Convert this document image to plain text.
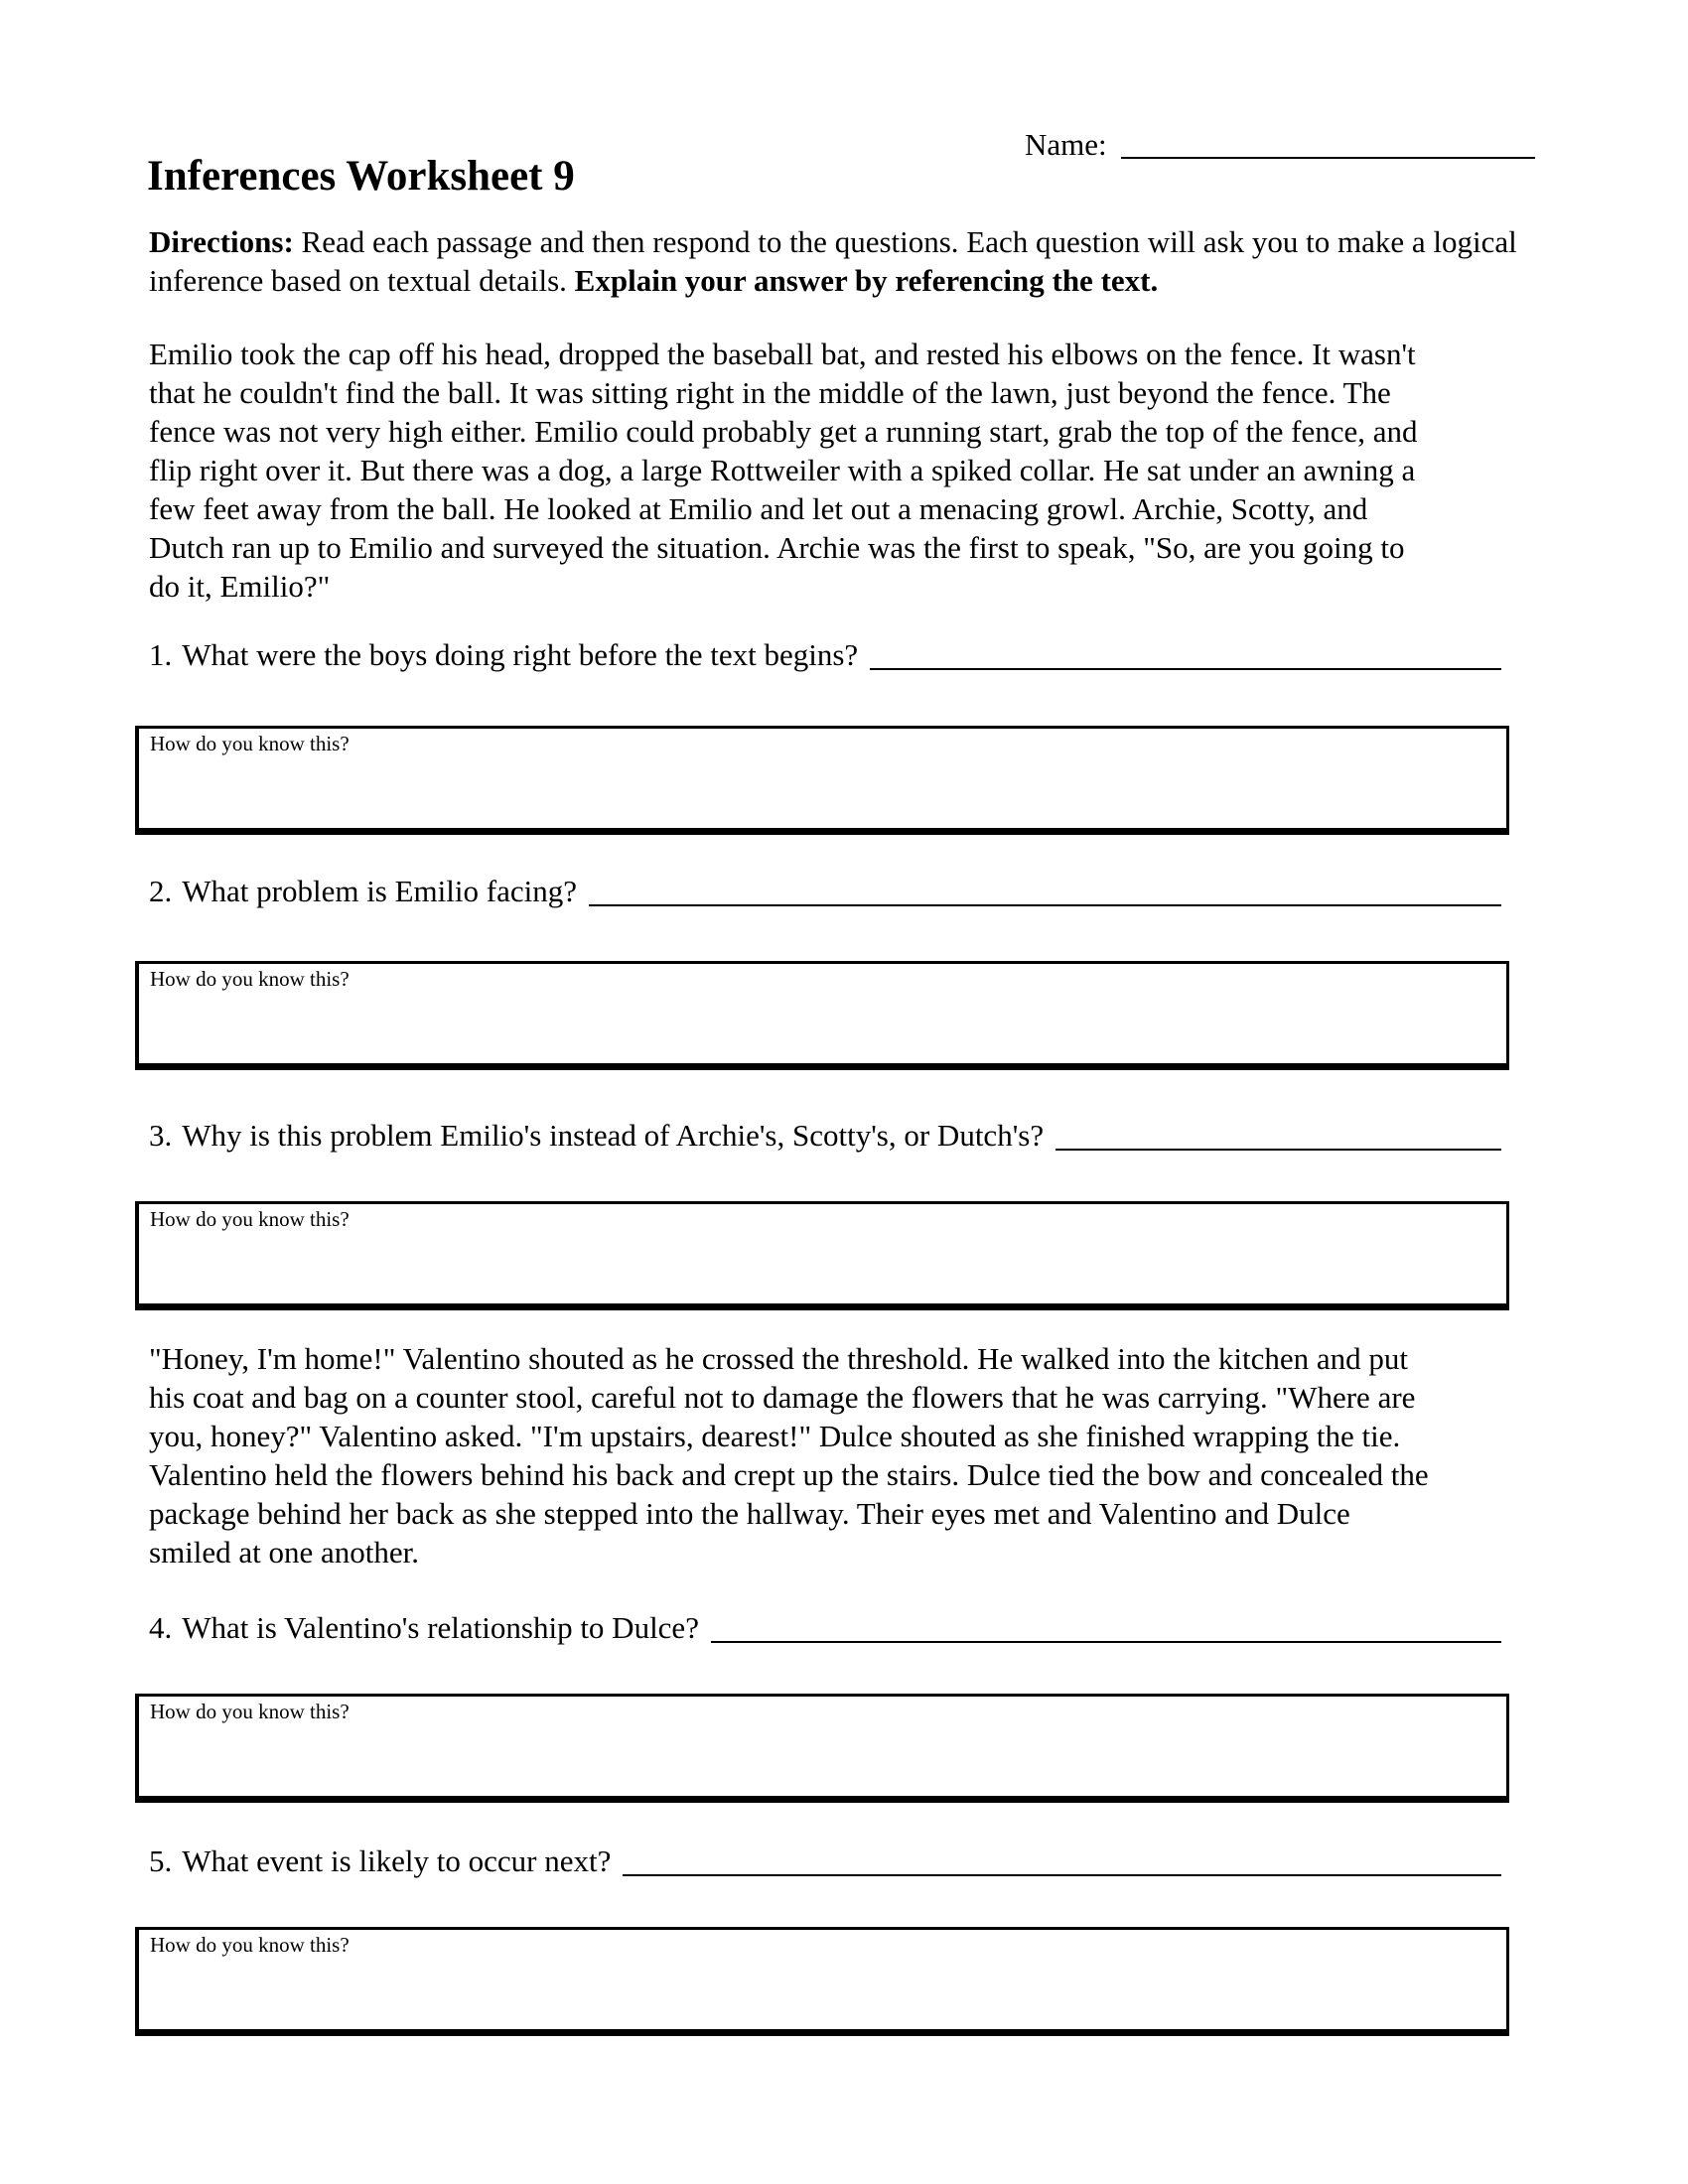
Name:
Inferences Worksheet 9
Directions: Read each passage and then respond to the questions. Each question will ask you to make a logical inference based on textual details. Explain your answer by referencing the text.
Emilio took the cap off his head, dropped the baseball bat, and rested his elbows on the fence. It wasn't
that he couldn't find the ball. It was sitting right in the middle of the lawn, just beyond the fence. The
fence was not very high either. Emilio could probably get a running start, grab the top of the fence, and
flip right over it. But there was a dog, a large Rottweiler with a spiked collar. He sat under an awning a
few feet away from the ball. He looked at Emilio and let out a menacing growl. Archie, Scotty, and
Dutch ran up to Emilio and surveyed the situation. Archie was the first to speak, "So, are you going to
do it, Emilio?"
1. What were the boys doing right before the text begins?
How do you know this?
2. What problem is Emilio facing?
How do you know this?
3. Why is this problem Emilio's instead of Archie's, Scotty's, or Dutch's?
How do you know this?
"Honey, I'm home!" Valentino shouted as he crossed the threshold. He walked into the kitchen and put
his coat and bag on a counter stool, careful not to damage the flowers that he was carrying. "Where are
you, honey?" Valentino asked. "I'm upstairs, dearest!" Dulce shouted as she finished wrapping the tie.
Valentino held the flowers behind his back and crept up the stairs. Dulce tied the bow and concealed the
package behind her back as she stepped into the hallway. Their eyes met and Valentino and Dulce
smiled at one another.
4. What is Valentino's relationship to Dulce?
How do you know this?
5. What event is likely to occur next?
How do you know this?
